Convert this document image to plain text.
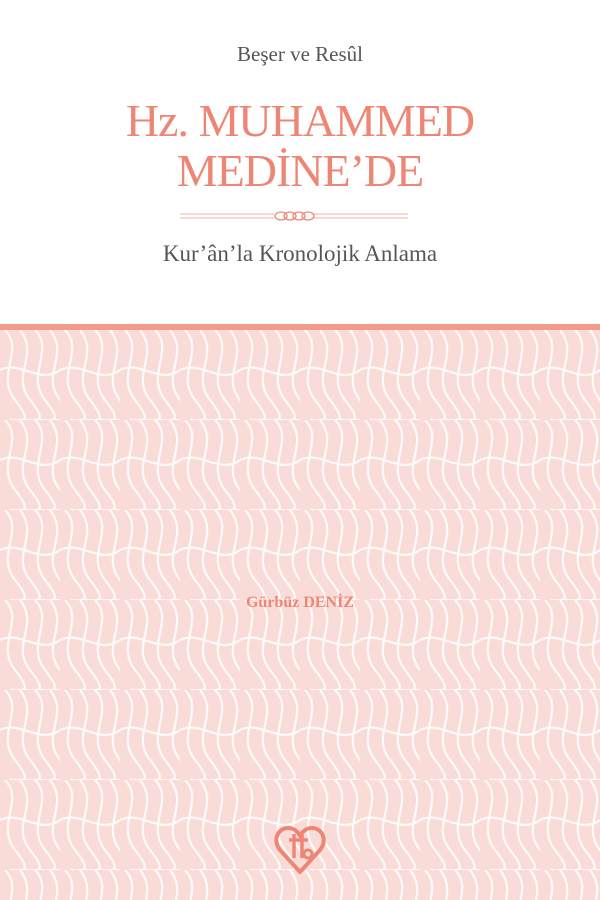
Beşer ve Resûl
Hz. MUHAMMED
MEDİNE’DE
Kur’ân’la Kronolojik Anlama
Gürbüz DENİZ
